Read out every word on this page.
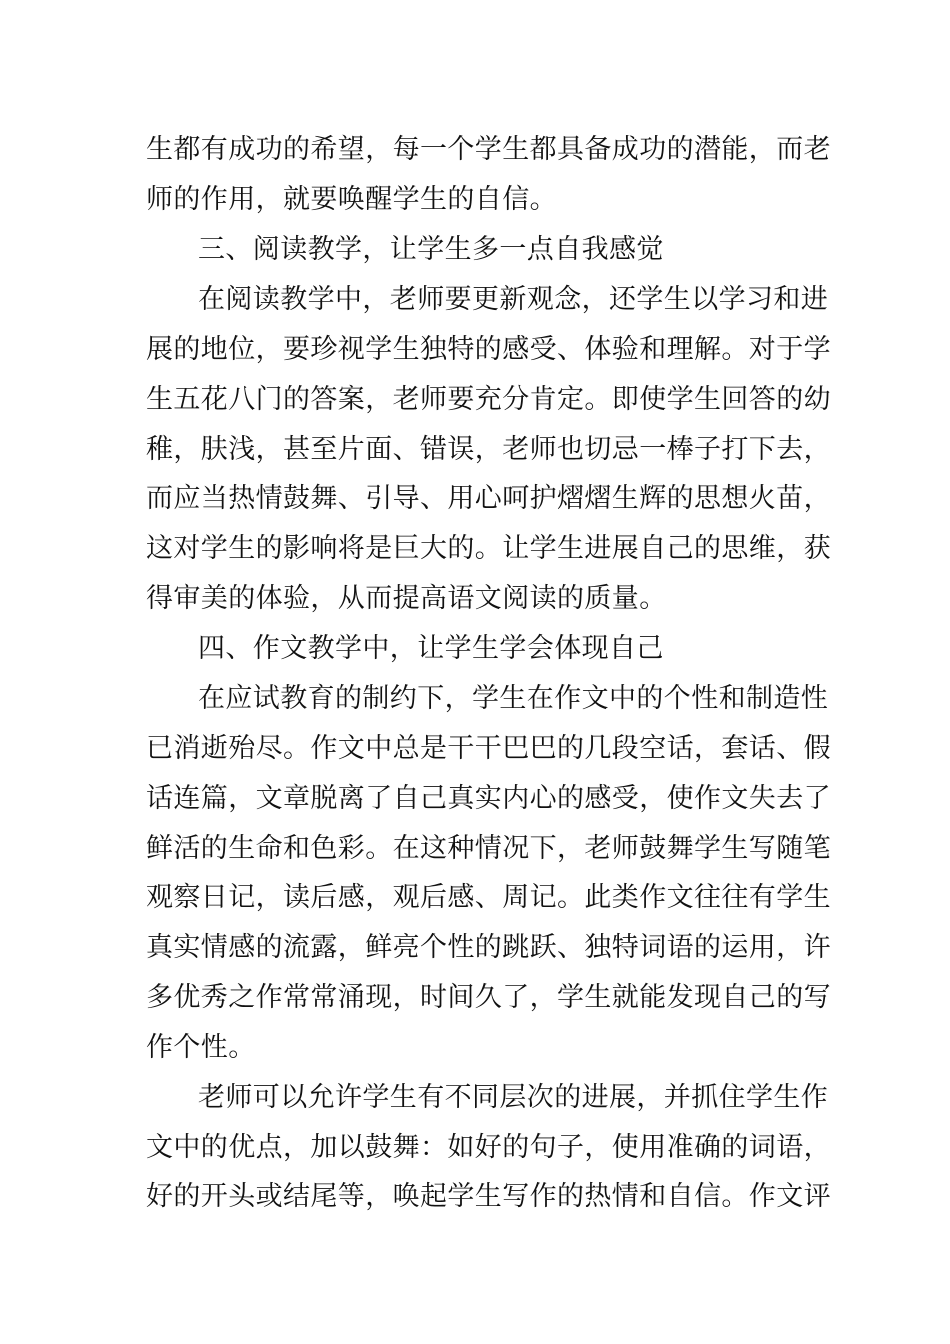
生都有成功的希望，每一个学生都具备成功的潜能，而老
师的作用，就要唤醒学生的自信。
三、阅读教学，让学生多一点自我感觉
在阅读教学中，老师要更新观念，还学生以学习和进
展的地位，要珍视学生独特的感受、体验和理解。对于学
生五花八门的答案，老师要充分肯定。即使学生回答的幼
稚，肤浅，甚至片面、错误，老师也切忌一棒子打下去，
而应当热情鼓舞、引导、用心呵护熠熠生辉的思想火苗，
这对学生的影响将是巨大的。让学生进展自己的思维，获
得审美的体验，从而提高语文阅读的质量。
四、作文教学中，让学生学会体现自己
在应试教育的制约下，学生在作文中的个性和制造性
已消逝殆尽。作文中总是干干巴巴的几段空话，套话、假
话连篇，文章脱离了自己真实内心的感受，使作文失去了
鲜活的生命和色彩。在这种情况下，老师鼓舞学生写随笔
观察日记，读后感，观后感、周记。此类作文往往有学生
真实情感的流露，鲜亮个性的跳跃、独特词语的运用，许
多优秀之作常常涌现，时间久了，学生就能发现自己的写
作个性。
老师可以允许学生有不同层次的进展，并抓住学生作
文中的优点，加以鼓舞：如好的句子，使用准确的词语，
好的开头或结尾等，唤起学生写作的热情和自信。作文评
